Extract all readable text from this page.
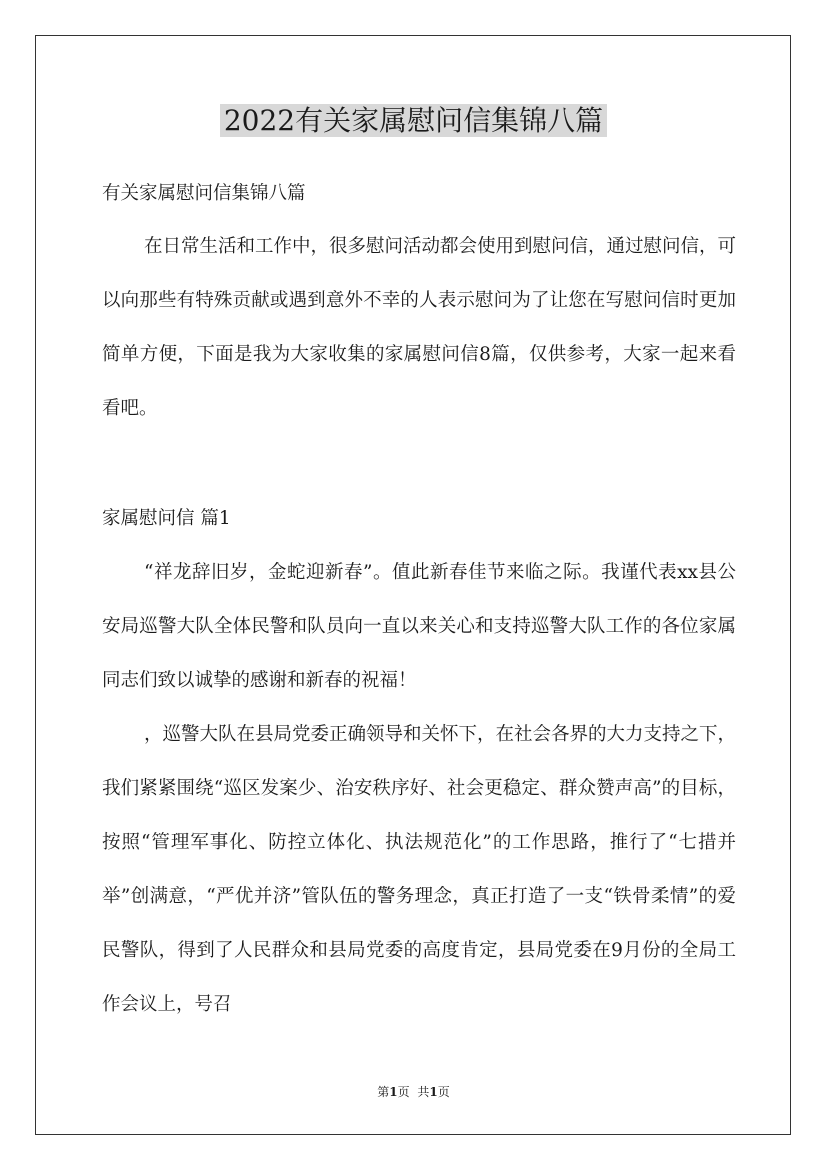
2022有关家属慰问信集锦八篇

有关家属慰问信集锦八篇

在日常生活和工作中，很多慰问活动都会使用到慰问信，通过慰问信，可以向那些有特殊贡献或遇到意外不幸的人表示慰问为了让您在写慰问信时更加简单方便，下面是我为大家收集的家属慰问信8篇，仅供参考，大家一起来看看吧。

家属慰问信 篇1

“祥龙辞旧岁，金蛇迎新春”。值此新春佳节来临之际。我谨代表xx县公安局巡警大队全体民警和队员向一直以来关心和支持巡警大队工作的各位家属同志们致以诚挚的感谢和新春的祝福！

，巡警大队在县局党委正确领导和关怀下，在社会各界的大力支持之下，我们紧紧围绕“巡区发案少、治安秩序好、社会更稳定、群众赞声高”的目标，按照“管理军事化、防控立体化、执法规范化”的工作思路，推行了“七措并举”创满意，“严优并济”管队伍的警务理念，真正打造了一支“铁骨柔情”的爱民警队，得到了人民群众和县局党委的高度肯定，县局党委在9月份的全局工作会议上，号召

第1页 共1页
